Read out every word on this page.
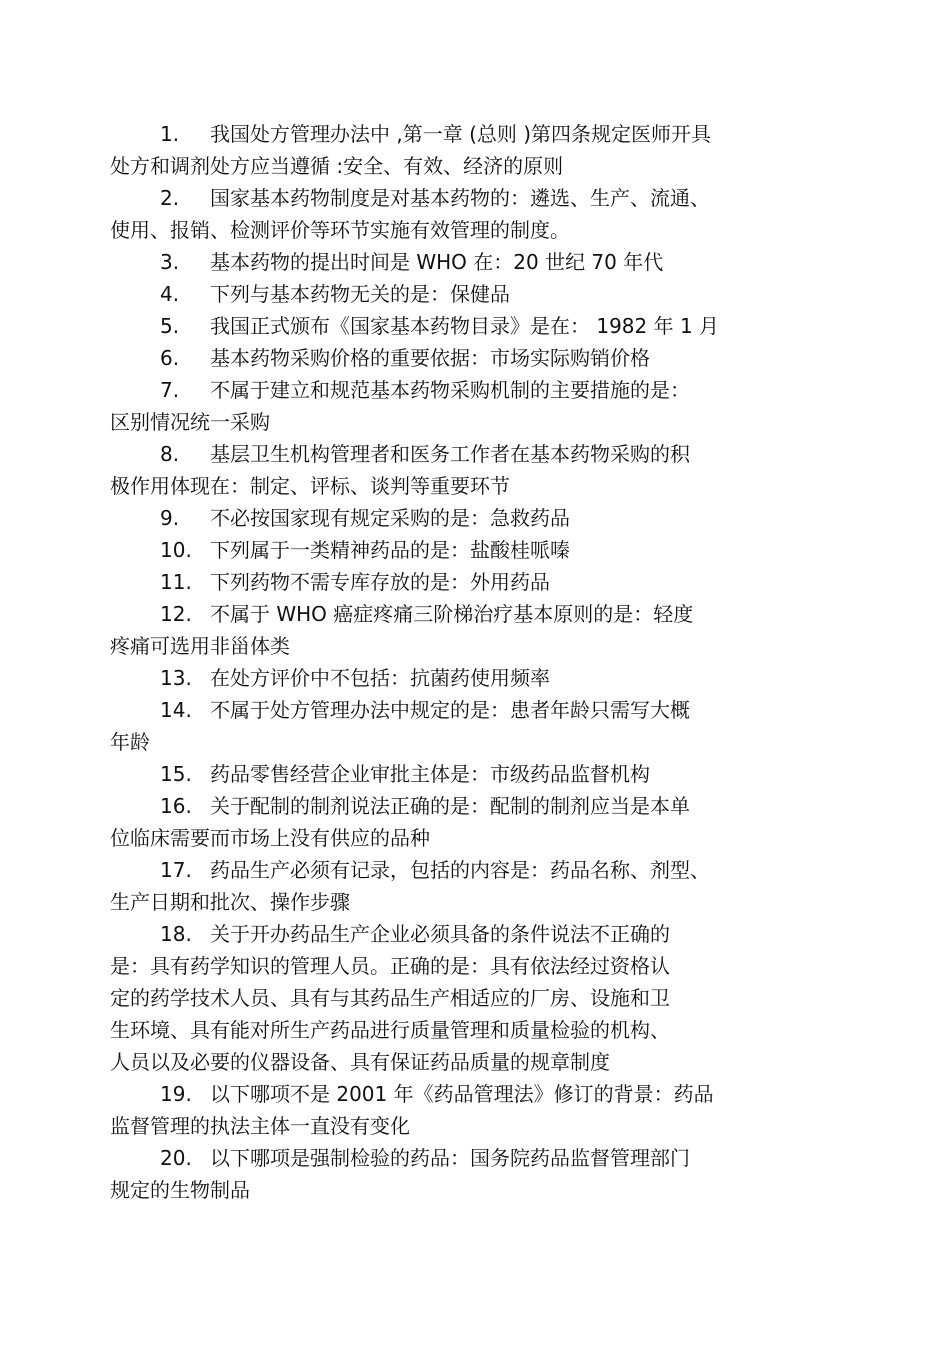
1. 我国处方管理办法中 ,第一章 (总则 )第四条规定医师开具
处方和调剂处方应当遵循 :安全、有效、经济的原则

2. 国家基本药物制度是对基本药物的：遴选、生产、流通、
使用、报销、检测评价等环节实施有效管理的制度。

3. 基本药物的提出时间是 WHO 在：20 世纪 70 年代

4. 下列与基本药物无关的是：保健品

5. 我国正式颁布《国家基本药物目录》是在： 1982 年 1 月

6. 基本药物采购价格的重要依据：市场实际购销价格

7. 不属于建立和规范基本药物采购机制的主要措施的是：
区别情况统一采购

8. 基层卫生机构管理者和医务工作者在基本药物采购的积
极作用体现在：制定、评标、谈判等重要环节

9. 不必按国家现有规定采购的是：急救药品

10. 下列属于一类精神药品的是：盐酸桂哌嗪

11. 下列药物不需专库存放的是：外用药品

12. 不属于 WHO 癌症疼痛三阶梯治疗基本原则的是：轻度
疼痛可选用非甾体类

13. 在处方评价中不包括：抗菌药使用频率

14. 不属于处方管理办法中规定的是：患者年龄只需写大概
年龄

15. 药品零售经营企业审批主体是：市级药品监督机构

16. 关于配制的制剂说法正确的是：配制的制剂应当是本单
位临床需要而市场上没有供应的品种

17. 药品生产必须有记录，包括的内容是：药品名称、剂型、
生产日期和批次、操作步骤

18. 关于开办药品生产企业必须具备的条件说法不正确的
是：具有药学知识的管理人员。正确的是：具有依法经过资格认
定的药学技术人员、具有与其药品生产相适应的厂房、设施和卫
生环境、具有能对所生产药品进行质量管理和质量检验的机构、
人员以及必要的仪器设备、具有保证药品质量的规章制度

19. 以下哪项不是 2001 年《药品管理法》修订的背景：药品
监督管理的执法主体一直没有变化

20. 以下哪项是强制检验的药品：国务院药品监督管理部门
规定的生物制品
